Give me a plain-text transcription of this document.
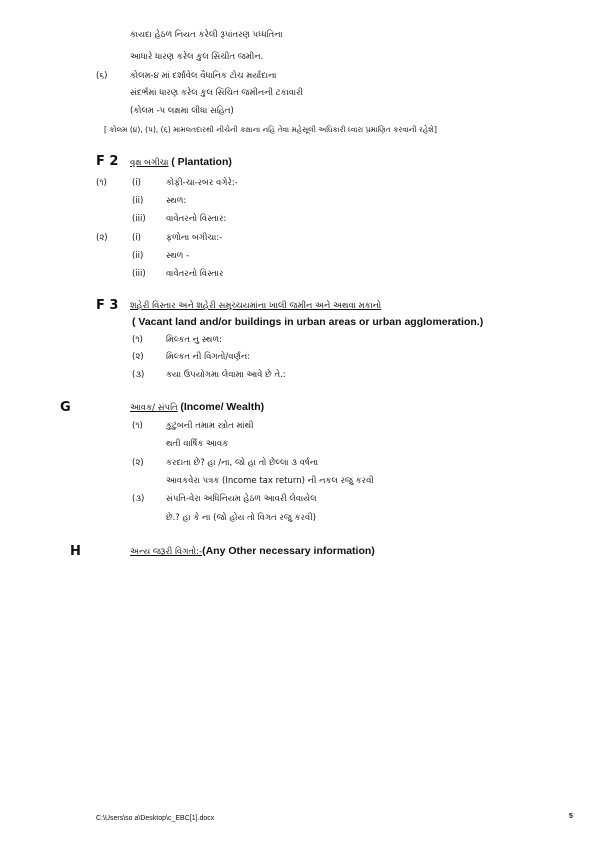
કાયદા હેઠળ નિયત કરેલી રૂપાંતરણ પધ્ધતિના
આધારે ધારણ કરેલ કુલ સિંચીત જમીન.
(૬)	કોલમ-૪ માં દર્શાવેલ વૈધાનિક ટોચ મર્યાદાના
સંદર્ભમાં ધારણ કરેલ કુલ સિંચિત જમીનની ટકાવારી
(કોલમ -પ લક્ષમાં લીધા સહિત)
[ કોલમ (૪), (૫), (૬) મામલતદારથી નીચેની કક્ષાના નહિ તેવા મહેસૂલી અધિકારી ધ્વારા પ્રમાણિત કરવાની રહેશે]
F 2 વૃક્ષ બગીચા ( Plantation)
(૧)	(i)	કોફી-ચા-રબર વગેરે:-
(ii)	સ્થળ:
(iii) વાવેતરનો વિસ્તાર:
(૨)	(i)	ફળોના બગીચા:-
(ii)	સ્થળ -
(iii) વાવેતરનો વિસ્તાર
F 3 શહેરી વિસ્તાર અને શહેરી સમુચ્ચયમાંના ખાલી જમીન અને અથવા મકાનો
( Vacant land and/or buildings in urban areas or urban agglomeration.)
(૧)	મિલ્કત નુ સ્થળ:
(૨)	મિલ્કત ની વિગતો/વર્ણન:
(૩)	કયા ઉપયોગમા લેવામા આવે છે તે.:
G	આવક/ સંપતિ (Income/ Wealth)
(૧)	કુટુંબની તમામ સ્ત્રોત માંથી
થતી વાર્ષિક આવક
(૨)	કરદાતા છે? હા /ના, જો હા તો છેલ્લા ૩ વર્ષના
આવકવેરા પત્રક (Income tax return) ની નકલ રજુ કરવી
(૩)	સંપતિ-વેરા અધિનિયમ હેઠળ આવરી લેવાયેલ
છે.? હા કે ના (જો હોય તો વિગત રજુ કરવી)
H	અન્ય જરૂરી વિગતો:-(Any Other necessary information)
C:\Users\so a\Desktop\c_EBC[1].docx	5
